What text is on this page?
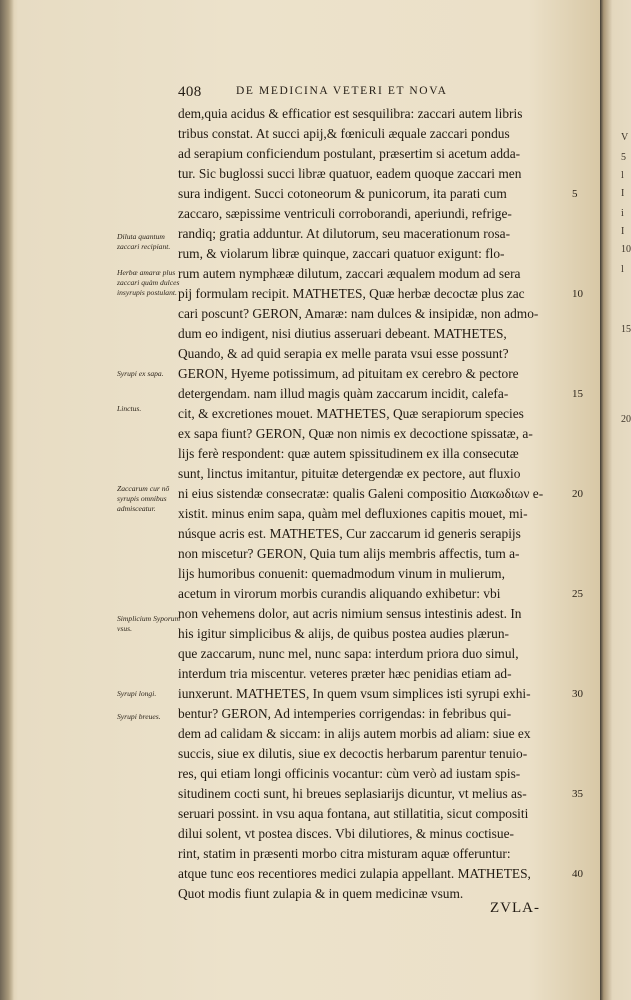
408	DE MEDICINA VETERI ET NOVA
dem,quia acidus & efficatior est sesquilibra: zaccari autem libris
tribus constat. At succi apij,& fœniculi æquale zaccari pondus
ad serapium conficiendum postulant, præsertim si acetum adda-
tur. Sic buglossi succi libræ quatuor, eadem quoque zaccari men
sura indigent. Succi cotoneorum & punicorum, ita parati cum
zaccaro, sæpissime ventriculi corroborandi, aperiundi, refrige-
randiq; gratia adduntur. At dilutorum, seu macerationum rosa-
rum, & violarum libræ quinque, zaccari quatuor exigunt: flo-
rum autem nymphææ dilutum, zaccari æqualem modum ad sera
pij formulam recipit. MATHETES, Quæ herbæ decoctæ plus zac
cari poscunt? GERON, Amaræ: nam dulces & insipidæ, non admo-
dum eo indigent, nisi diutius asseruari debeant. MATHETES,
Quando, & ad quid serapia ex melle parata vsui esse possunt?
GERON, Hyeme potissimum, ad pituitam ex cerebro & pectore
detergendam. nam illud magis quàm zaccarum incidit, calefa-
cit, & excretiones mouet. MATHETES, Quæ serapiorum species
ex sapa fiunt? GERON, Quæ non nimis ex decoctione spissatæ, a-
lijs ferè respondent: quæ autem spissitudinem ex illa consecutæ
sunt, linctus imitantur, pituitæ detergendæ ex pectore, aut fluxio
ni eius sistendæ consecratæ: qualis Galeni compositio Διακωδιων e-
xistit. minus enim sapa, quàm mel defluxiones capitis mouet, mi-
núsque acris est. MATHETES, Cur zaccarum id generis serapijs
non miscetur? GERON, Quia tum alijs membris affectis, tum a-
lijs humoribus conuenit: quemadmodum vinum in mulierum,
acetum in virorum morbis curandis aliquando exhibetur: vbi
non vehemens dolor, aut acris nimium sensus intestinis adest. In
his igitur simplicibus & alijs, de quibus postea audies plærun-
que zaccarum, nunc mel, nunc sapa: interdum priora duo simul,
interdum tria miscentur. veteres præter hæc penidias etiam ad-
iunxerunt. MATHETES, In quem vsum simplices isti syrupi exhi-
bentur? GERON, Ad intemperies corrigendas: in febribus qui-
dem ad calidam & siccam: in alijs autem morbis ad aliam: siue ex
succis, siue ex dilutis, siue ex decoctis herbarum parentur tenuio-
res, qui etiam longi officinis vocantur: cùm verò ad iustam spis-
situdinem cocti sunt, hi breues seplasiarijs dicuntur, vt melius as-
seruari possint. in vsu aqua fontana, aut stillatitia, sicut compositi
dilui solent, vt postea disces. Vbi dilutiores, & minus coctisue-
rint, statim in præsenti morbo citra misturam aquæ offeruntur:
atque tunc eos recentiores medici zulapia appellant. MATHETES,
Quot modis fiunt zulapia & in quem medicinæ vsum.
5
10
15
20
25
30
35
40
Diluta quantum zaccari recipiant.
Herbæ amaræ plus zaccari quàm dulces insyrupis postulant.
Syrupi ex sapa.
Linctus.
Zaccarum cur nõ syrupis omnibus admisceatur.
Simplicium Syporum vsus.
Syrupi longi.
Syrupi breues.
ZVLA-
V
5
l
I
i
I
10
l
15
20
